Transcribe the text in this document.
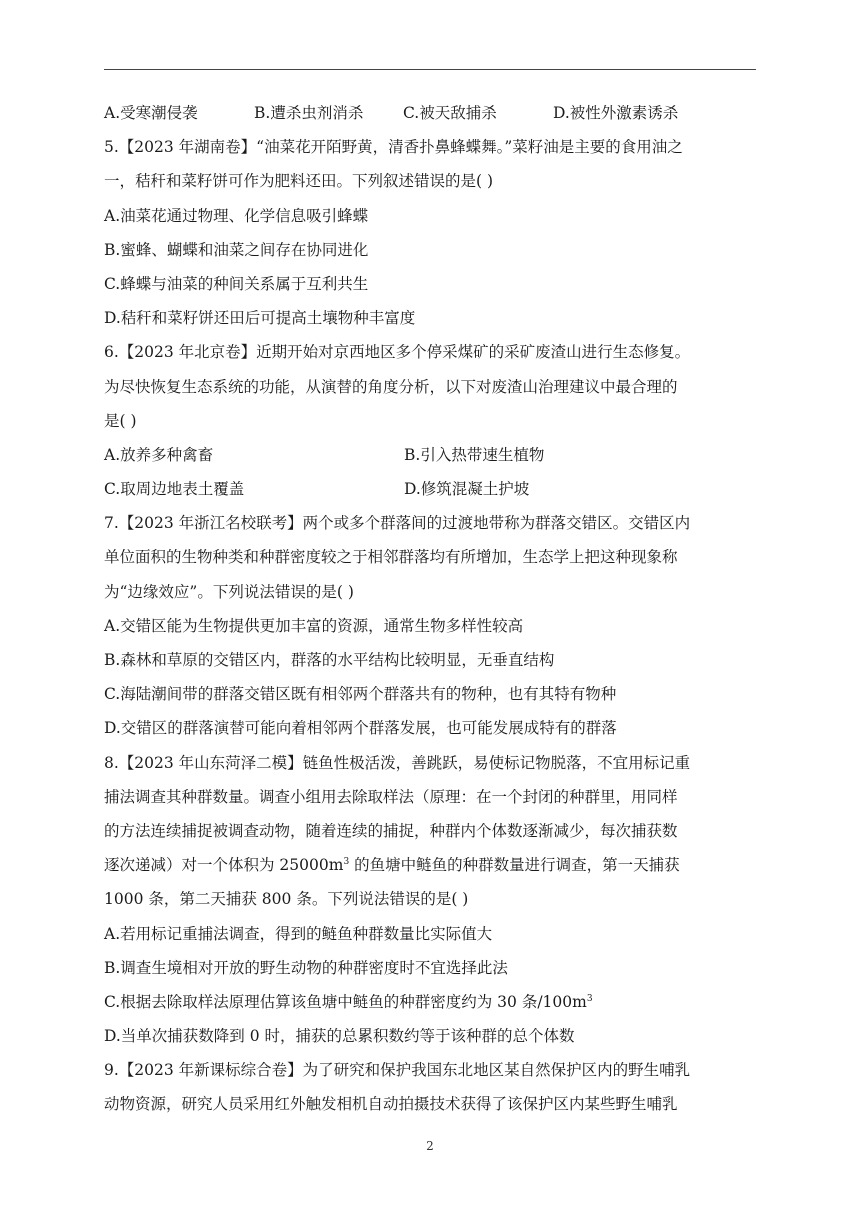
A.受寒潮侵袭	B.遭杀虫剂消杀	C.被天敌捕杀	D.被性外激素诱杀
5.【2023 年湖南卷】“油菜花开陌野黄，清香扑鼻蜂蝶舞。”菜籽油是主要的食用油之
一，秸秆和菜籽饼可作为肥料还田。下列叙述错误的是( )
A.油菜花通过物理、化学信息吸引蜂蝶
B.蜜蜂、蝴蝶和油菜之间存在协同进化
C.蜂蝶与油菜的种间关系属于互利共生
D.秸秆和菜籽饼还田后可提高土壤物种丰富度
6.【2023 年北京卷】近期开始对京西地区多个停采煤矿的采矿废渣山进行生态修复。
为尽快恢复生态系统的功能，从演替的角度分析，以下对废渣山治理建议中最合理的
是( )
A.放养多种禽畜	B.引入热带速生植物
C.取周边地表土覆盖	D.修筑混凝土护坡
7.【2023 年浙江名校联考】两个或多个群落间的过渡地带称为群落交错区。交错区内
单位面积的生物种类和种群密度较之于相邻群落均有所增加，生态学上把这种现象称
为“边缘效应”。下列说法错误的是( )
A.交错区能为生物提供更加丰富的资源，通常生物多样性较高
B.森林和草原的交错区内，群落的水平结构比较明显，无垂直结构
C.海陆潮间带的群落交错区既有相邻两个群落共有的物种，也有其特有物种
D.交错区的群落演替可能向着相邻两个群落发展，也可能发展成特有的群落
8.【2023 年山东菏泽二模】链鱼性极活泼，善跳跃，易使标记物脱落，不宜用标记重
捕法调查其种群数量。调查小组用去除取样法（原理：在一个封闭的种群里，用同样
的方法连续捕捉被调查动物，随着连续的捕捉，种群内个体数逐渐减少，每次捕获数
逐次递减）对一个体积为 $25000m^3$ 的鱼塘中鲢鱼的种群数量进行调查，第一天捕获
1000 条，第二天捕获 800 条。下列说法错误的是( )
A.若用标记重捕法调查，得到的鲢鱼种群数量比实际值大
B.调查生境相对开放的野生动物的种群密度时不宜选择此法
C.根据去除取样法原理估算该鱼塘中鲢鱼的种群密度约为 30 条$/100m^3$
D.当单次捕获数降到 0 时，捕获的总累积数约等于该种群的总个体数
9.【2023 年新课标综合卷】为了研究和保护我国东北地区某自然保护区内的野生哺乳
动物资源，研究人员采用红外触发相机自动拍摄技术获得了该保护区内某些野生哺乳
2
